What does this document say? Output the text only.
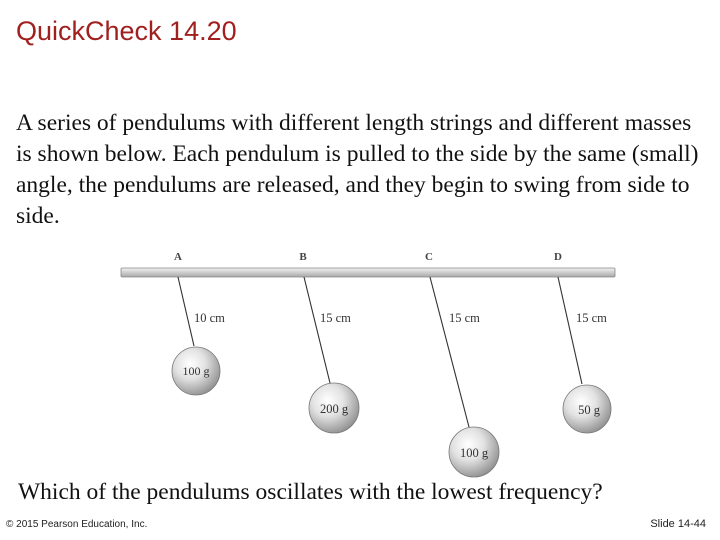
QuickCheck 14.20

A series of pendulums with different length strings and different masses is shown below. Each pendulum is pulled to the side by the same (small) angle, the pendulums are released, and they begin to swing from side to side.

A
10 cm
100 g
B
15 cm
200 g
C
15 cm
100 g
D
15 cm
50 g

Which of the pendulums oscillates with the lowest frequency?

© 2015 Pearson Education, Inc.	Slide 14-44
